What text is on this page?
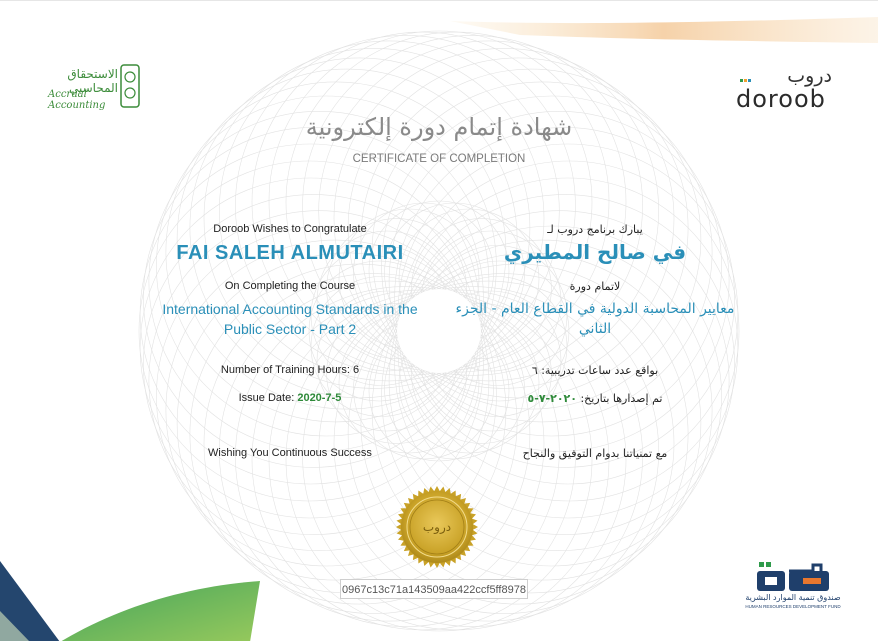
الاستحقاق المحاسبي
Accrual Accounting
دروب
doroob
شهادة إتمام دورة إلكترونية
CERTIFICATE OF COMPLETION
Doroob Wishes to Congratulate
FAI SALEH ALMUTAIRI
On Completing the Course
International Accounting Standards in the
Public Sector - Part 2
Number of Training Hours: 6
Issue Date: 2020-7-5
Wishing You Continuous Success
يبارك برنامج دروب لـ
في صالح المطيري
لاتمام دورة
معايير المحاسبة الدولية في القطاع العام - الجزء
الثاني
بواقع عدد ساعات تدريبية: ٦
تم إصدارها بتاريخ: ٢٠٢٠-٧-٥
مع تمنياتنا بدوام التوفيق والنجاح
دروب
0967c13c71a143509aa422ccf5ff8978
صندوق تنمية الموارد البشرية
HUMAN RESOURCES DEVELOPMENT FUND
